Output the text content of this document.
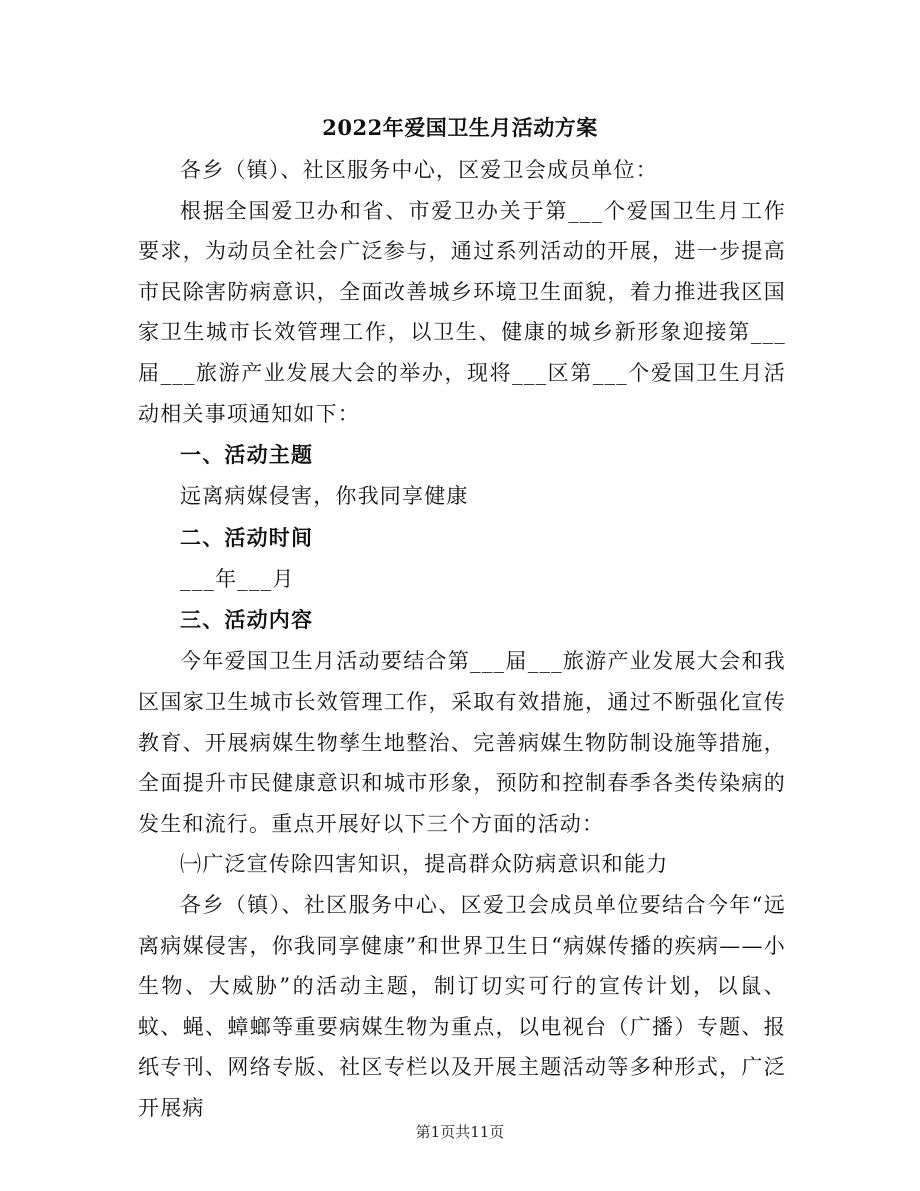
2022年爱国卫生月活动方案

各乡（镇）、社区服务中心，区爱卫会成员单位：

根据全国爱卫办和省、市爱卫办关于第___个爱国卫生月工作要求，为动员全社会广泛参与，通过系列活动的开展，进一步提高市民除害防病意识，全面改善城乡环境卫生面貌，着力推进我区国家卫生城市长效管理工作，以卫生、健康的城乡新形象迎接第___届___旅游产业发展大会的举办，现将___区第___个爱国卫生月活动相关事项通知如下：

一、活动主题

远离病媒侵害，你我同享健康

二、活动时间

___年___月

三、活动内容

今年爱国卫生月活动要结合第___届___旅游产业发展大会和我区国家卫生城市长效管理工作，采取有效措施，通过不断强化宣传教育、开展病媒生物孳生地整治、完善病媒生物防制设施等措施，全面提升市民健康意识和城市形象，预防和控制春季各类传染病的发生和流行。重点开展好以下三个方面的活动：

㈠广泛宣传除四害知识，提高群众防病意识和能力

各乡（镇）、社区服务中心、区爱卫会成员单位要结合今年“远离病媒侵害，你我同享健康”和世界卫生日“病媒传播的疾病——小生物、大威胁”的活动主题，制订切实可行的宣传计划，以鼠、蚊、蝇、蟑螂等重要病媒生物为重点，以电视台（广播）专题、报纸专刊、网络专版、社区专栏以及开展主题活动等多种形式，广泛开展病

第1页共11页
